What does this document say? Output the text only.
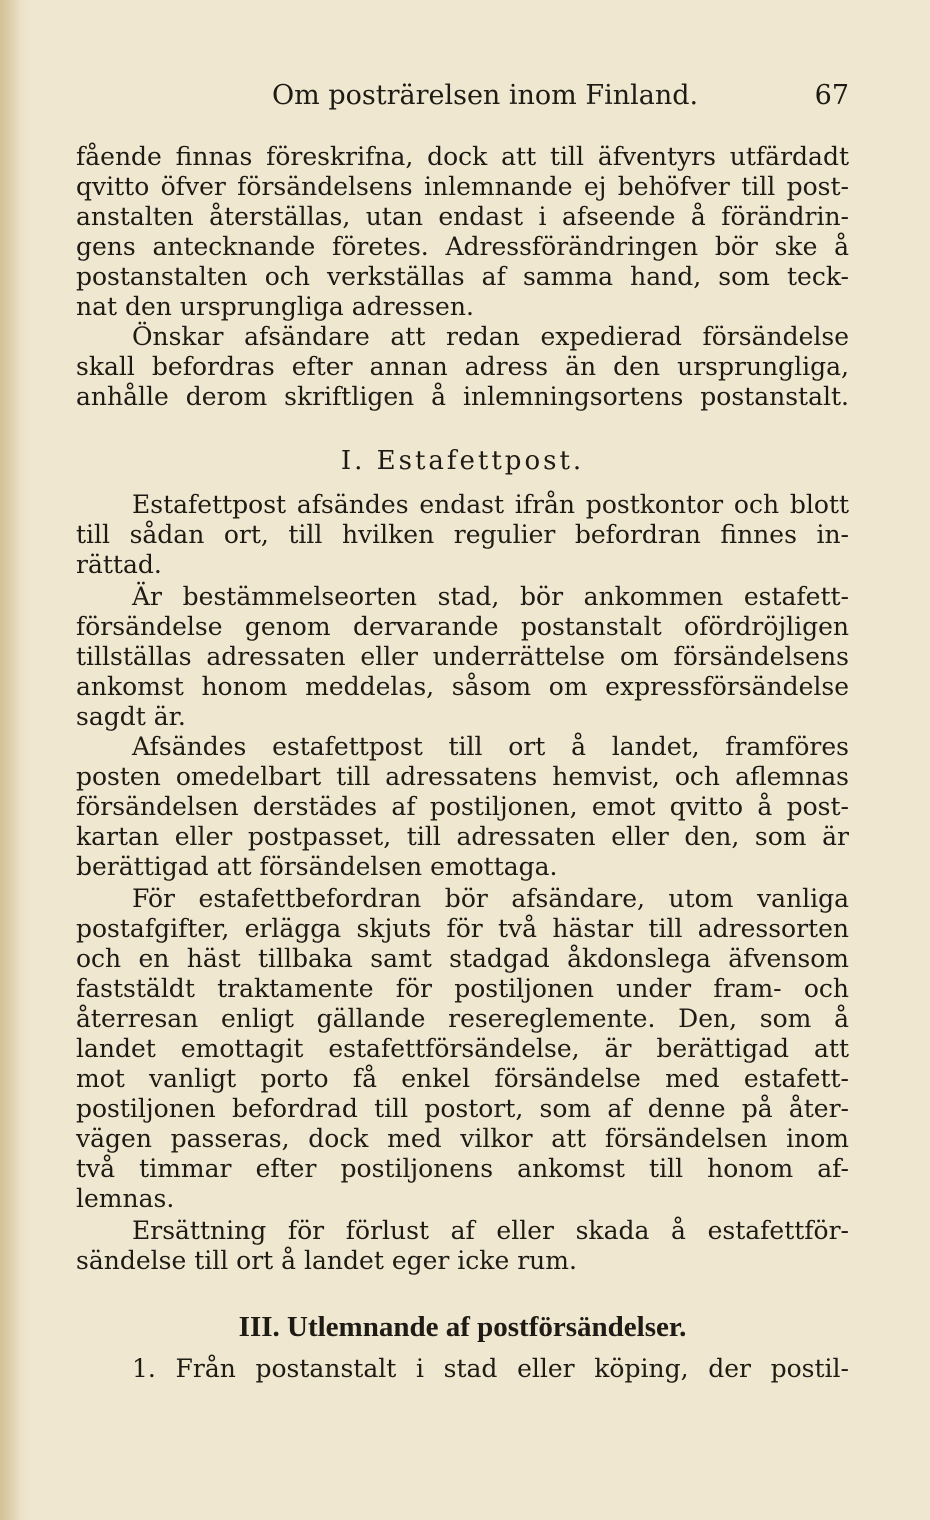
Om posträrelsen inom Finland.	67
fående finnas föreskrifna, dock att till äfventyrs utfärdadt
qvitto öfver försändelsens inlemnande ej behöfver till post-
anstalten återställas, utan endast i afseende å förändrin-
gens antecknande företes. Adressförändringen bör ske å
postanstalten och verkställas af samma hand, som teck-
nat den ursprungliga adressen.
Önskar afsändare att redan expedierad försändelse
skall befordras efter annan adress än den ursprungliga,
anhålle derom skriftligen å inlemningsortens postanstalt.
I. Estafettpost.
Estafettpost afsändes endast ifrån postkontor och blott
till sådan ort, till hvilken regulier befordran finnes in-
rättad.
Är bestämmelseorten stad, bör ankommen estafett-
försändelse genom dervarande postanstalt ofördröjligen
tillställas adressaten eller underrättelse om försändelsens
ankomst honom meddelas, såsom om expressförsändelse
sagdt är.
Afsändes estafettpost till ort å landet, framföres
posten omedelbart till adressatens hemvist, och aflemnas
försändelsen derstädes af postiljonen, emot qvitto å post-
kartan eller postpasset, till adressaten eller den, som är
berättigad att försändelsen emottaga.
För estafettbefordran bör afsändare, utom vanliga
postafgifter, erlägga skjuts för två hästar till adressorten
och en häst tillbaka samt stadgad åkdonslega äfvensom
faststäldt traktamente för postiljonen under fram- och
återresan enligt gällande resereglemente. Den, som å
landet emottagit estafettförsändelse, är berättigad att
mot vanligt porto få enkel försändelse med estafett-
postiljonen befordrad till postort, som af denne på åter-
vägen passeras, dock med vilkor att försändelsen inom
två timmar efter postiljonens ankomst till honom af-
lemnas.
Ersättning för förlust af eller skada å estafettför-
sändelse till ort å landet eger icke rum.
III. Utlemnande af postförsändelser.
1. Från postanstalt i stad eller köping, der postil-
